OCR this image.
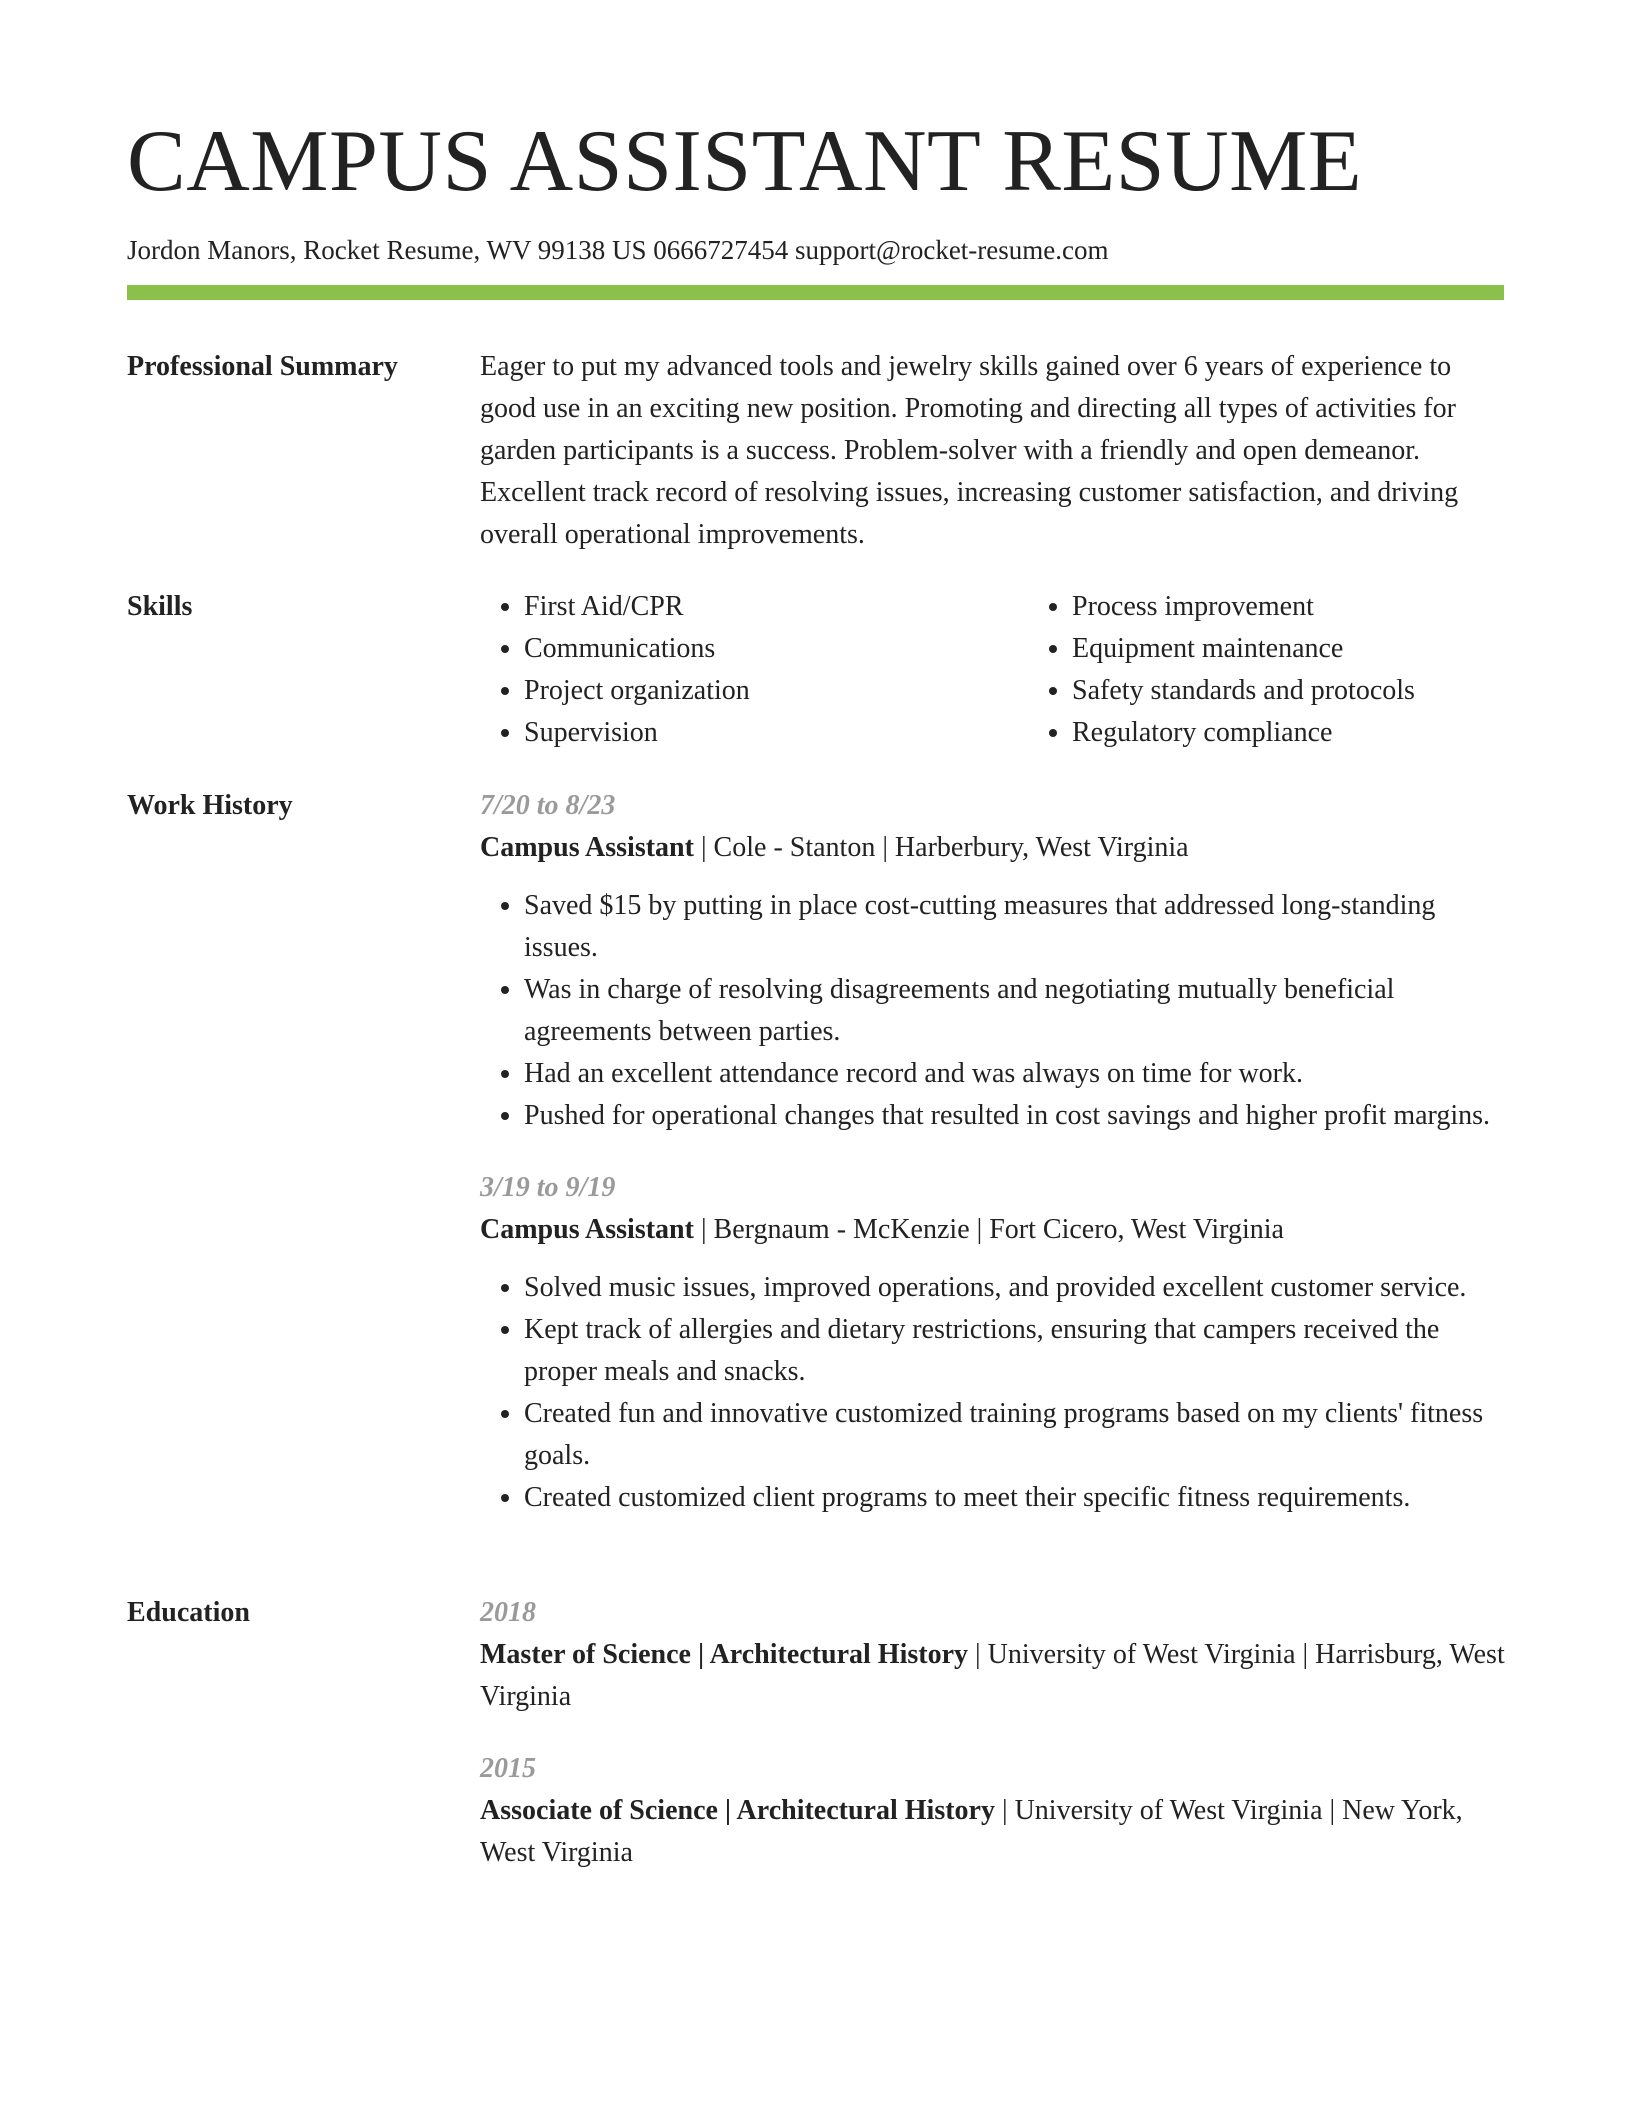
CAMPUS ASSISTANT RESUME
Jordon Manors, Rocket Resume, WV 99138 US 0666727454 support@rocket-resume.com
Professional Summary	Eager to put my advanced tools and jewelry skills gained over 6 years of experience to good use in an exciting new position. Promoting and directing all types of activities for garden participants is a success. Problem-solver with a friendly and open demeanor. Excellent track record of resolving issues, increasing customer satisfaction, and driving overall operational improvements.

Skills
•	First Aid/CPR
• Communications
• Project organization
• Supervision
• Process improvement
• Equipment maintenance
• Safety standards and protocols
• Regulatory compliance
Work History	7/20 to 8/23
Campus Assistant | Cole - Stanton | Harberbury, West Virginia
• Saved $15 by putting in place cost-cutting measures that addressed long-standing issues.
• Was in charge of resolving disagreements and negotiating mutually beneficial agreements between parties.
• Had an excellent attendance record and was always on time for work.
• Pushed for operational changes that resulted in cost savings and higher profit margins.
3/19 to 9/19
Campus Assistant | Bergnaum - McKenzie | Fort Cicero, West Virginia
• Solved music issues, improved operations, and provided excellent customer service.
• Kept track of allergies and dietary restrictions, ensuring that campers received the proper meals and snacks.
• Created fun and innovative customized training programs based on my clients' fitness goals.
• Created customized client programs to meet their specific fitness requirements.
Education	2018
Master of Science | Architectural History | University of West Virginia | Harrisburg, West Virginia
2015
Associate of Science | Architectural History | University of West Virginia | New York, West Virginia
